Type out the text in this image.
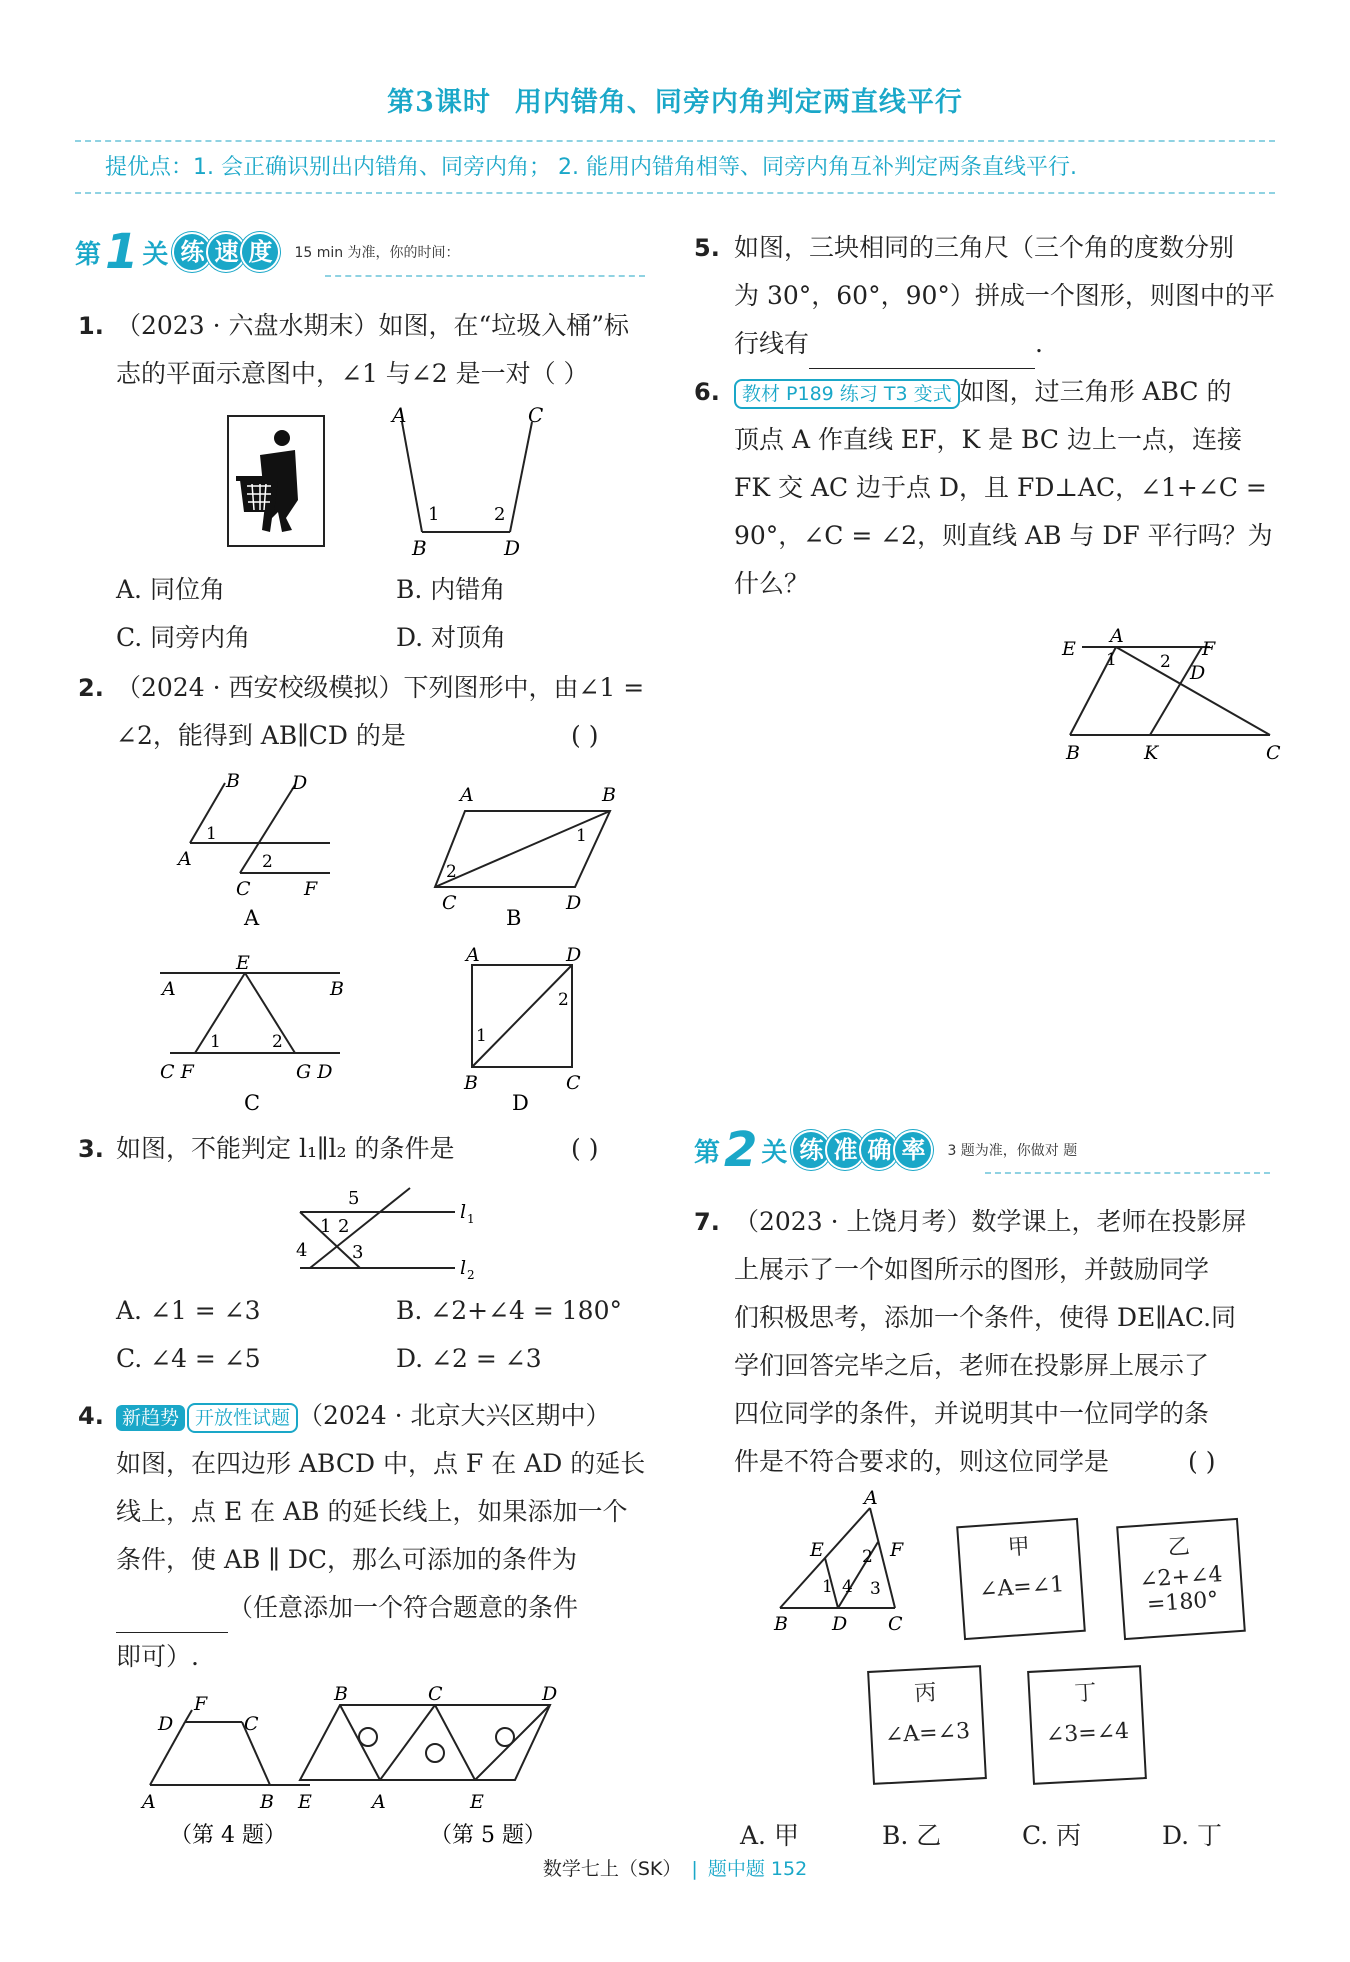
第3课时 用内错角、同旁内角判定两直线平行
提优点：1. 会正确识别出内错角、同旁内角； 2. 能用内错角相等、同旁内角互补判定两条直线平行.
第 1 关 练 速 度	15 min 为准，你的时间：
1. （2023 · 六盘水期末）如图，在“垃圾入桶”标
志的平面示意图中，∠1 与∠2 是一对（ ）
A	C
B	D
1	2
A. 同位角	B. 内错角
C. 同旁内角	D. 对顶角
2. （2024 · 西安校级模拟）下列图形中，由∠1 =
∠2，能得到 AB∥CD 的是	( )
A
B	D
C	F
1
2
A
A	B
C	D
1
2
B
E
A	B
C F	G D
1	2
C
A	D
B	C
1
2
D
3. 如图，不能判定 l₁∥l₂ 的条件是	( )
5
1 2
4 3
l 1
l 2
A. ∠1 = ∠3	B. ∠2+∠4 = 180°
C. ∠4 = ∠5	D. ∠2 = ∠3
4. 新趋势 开放性试题 （2024 · 北京大兴区期中）
如图，在四边形 ABCD 中，点 F 在 AD 的延长
线上，点 E 在 AB 的延长线上，如果添加一个
条件，使 AB ∥ DC，那么可添加的条件为
（任意添加一个符合题意的条件
即可）.
A	B E
D	C
F
（第 4 题）
B	C	D
A	E
（第 5 题）
5. 如图，三块相同的三角尺（三个角的度数分别
为 30°，60°，90°）拼成一个图形，则图中的平
行线有	.
6.	教材 P189 练习 T3 变式 如图，过三角形 ABC 的
顶点 A 作直线 EF，K 是 BC 边上一点，连接
FK 交 AC 边于点 D，且 FD⊥AC，∠1+∠C =
90°，∠C = ∠2，则直线 AB 与 DF 平行吗？为
什么？
E
A
F
D
1	2
B	K	C
第 2 关 练 准 确 率	3 题为准，你做对 题
7. （2023 · 上饶月考）数学课上，老师在投影屏
上展示了一个如图所示的图形，并鼓励同学
们积极思考，添加一个条件，使得 DE∥AC.同
学们回答完毕之后，老师在投影屏上展示了
四位同学的条件，并说明其中一位同学的条
件是不符合要求的，则这位同学是	( )
A
E	F
B D C
2
1 4 3
甲
∠A=∠1
乙
∠2+∠4
=180°
丙
∠A=∠3
丁
∠3=∠4
A. 甲	B. 乙	C. 丙	D. 丁
数学七上（SK） | 题中题 152
